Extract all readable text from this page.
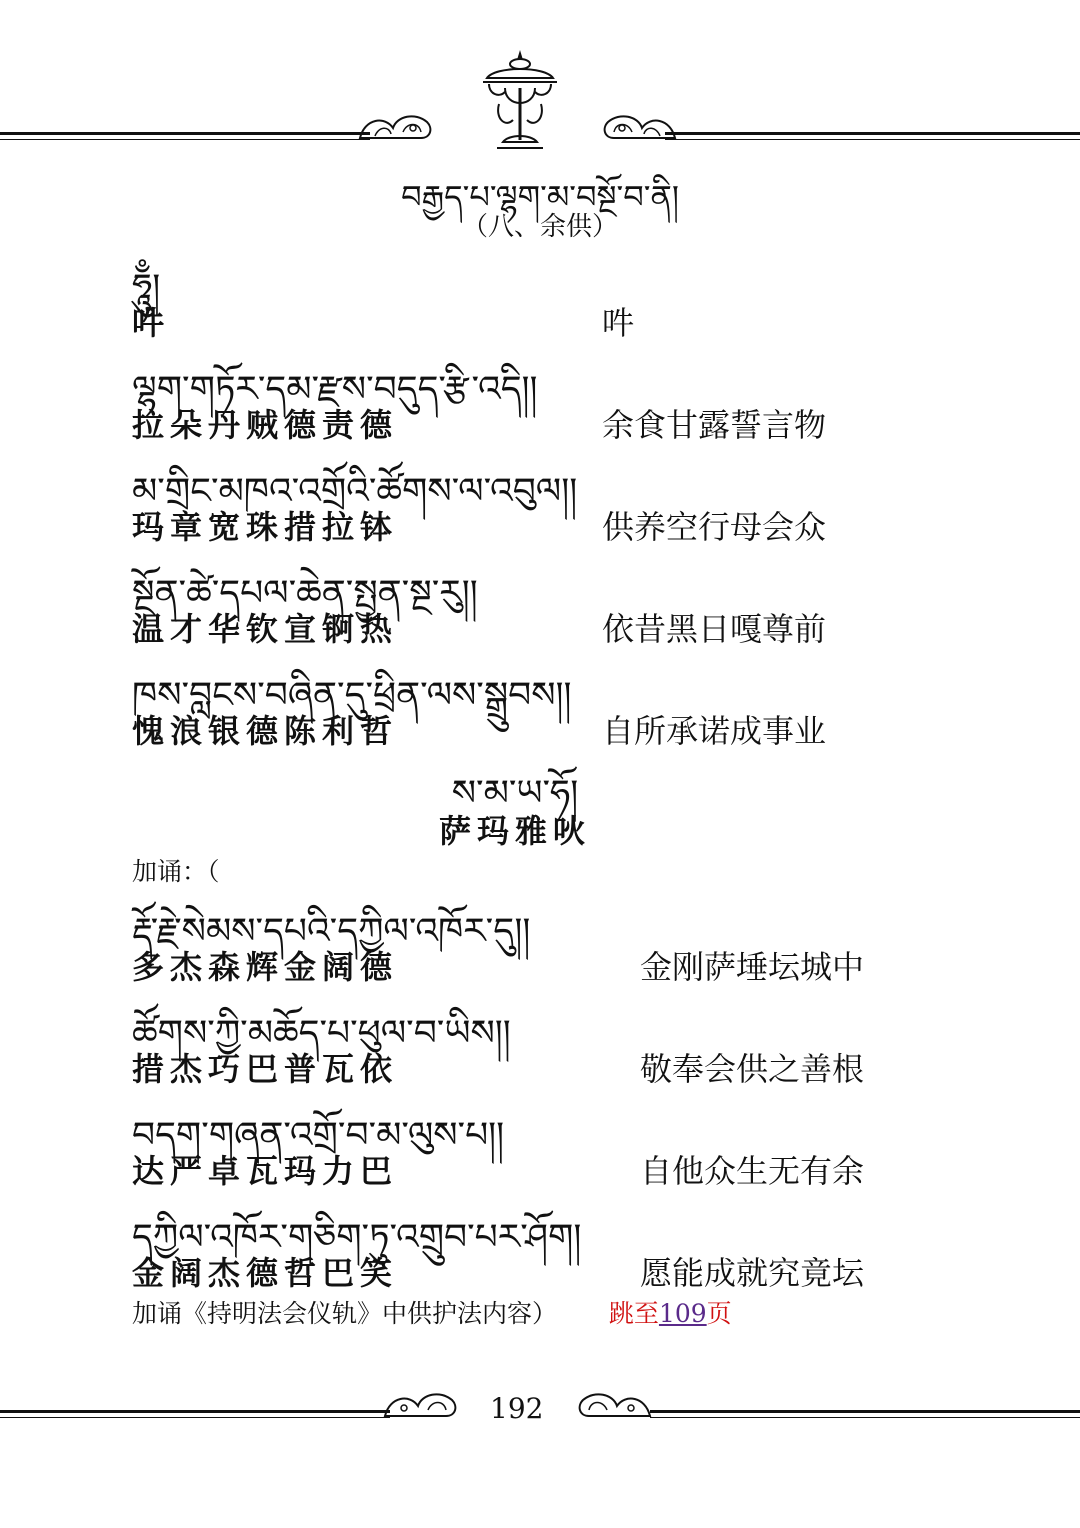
བརྒྱད་པ་ལྷག་མ་བསྔོ་བ་ནི།
（八、余供）
ཧཱུྃ།
吽	吽
ལྷག་གཏོར་དམ་རྫས་བདུད་རྩི་འདི།།
拉朵丹贼德责德	余食甘露誓言物
མ་གྲིང་མཁའ་འགྲོའི་ཚོགས་ལ་འབུལ།།
玛章宽珠措拉钵	供养空行母会众
སྔོན་ཚེ་དཔལ་ཆེན་སྤྱན་སྔ་རུ།།
温才华钦宣锕热	依昔黑日嘎尊前
ཁས་བླངས་བཞིན་དུ་ཕྲིན་ལས་སྒྲུབས།།
愧浪银德陈利哲	自所承诺成事业
ས་མ་ཡ་ཧོ།
萨玛雅吙
加诵：（
རྡོ་རྗེ་སེམས་དཔའི་དཀྱིལ་འཁོར་དུ།།
多杰森辉金阔德	金刚萨埵坛城中
ཚོགས་ཀྱི་མཆོད་པ་ཕུལ་བ་ཡིས།།
措杰巧巴普瓦依	敬奉会供之善根
བདག་གཞན་འགྲོ་བ་མ་ལུས་པ།།
达严卓瓦玛力巴	自他众生无有余
དཀྱིལ་འཁོར་གཅིག་ཏུ་འགྲུབ་པར་ཤོག།
金阔杰德哲巴笑	愿能成就究竟坛
加诵《持明法会仪轨》中供护法内容） 跳至109页
192
